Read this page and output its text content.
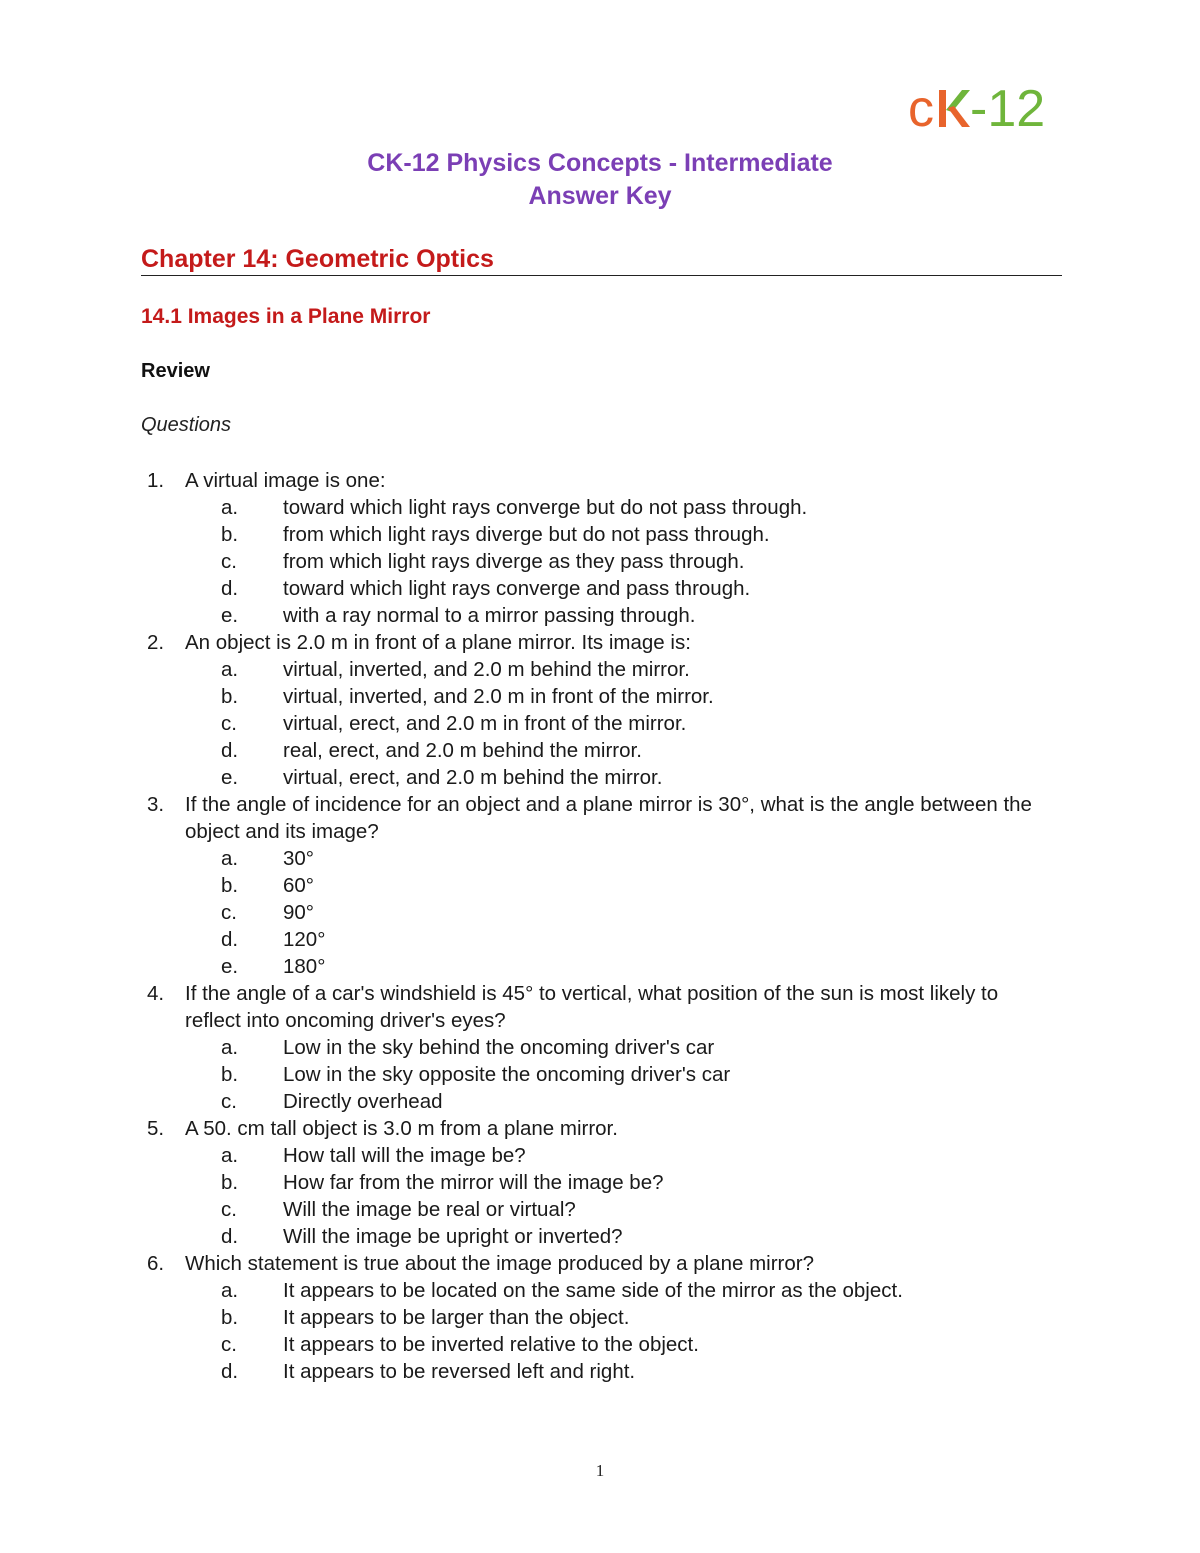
c -12
CK-12 Physics Concepts - Intermediate
Answer Key
Chapter 14: Geometric Optics
14.1 Images in a Plane Mirror
Review
Questions
1.	A virtual image is one:
a. toward which light rays converge but do not pass through.
b. from which light rays diverge but do not pass through.
c. from which light rays diverge as they pass through.
d. toward which light rays converge and pass through.
e. with a ray normal to a mirror passing through.
2.	An object is 2.0 m in front of a plane mirror. Its image is:
a. virtual, inverted, and 2.0 m behind the mirror.
b. virtual, inverted, and 2.0 m in front of the mirror.
c. virtual, erect, and 2.0 m in front of the mirror.
d. real, erect, and 2.0 m behind the mirror.
e. virtual, erect, and 2.0 m behind the mirror.
3.	If the angle of incidence for an object and a plane mirror is 30°, what is the angle between the object and its image?
a. 30°
b. 60°
c. 90°
d. 120°
e. 180°
4.	If the angle of a car's windshield is 45° to vertical, what position of the sun is most likely to reflect into oncoming driver's eyes?
a. Low in the sky behind the oncoming driver's car
b. Low in the sky opposite the oncoming driver's car
c. Directly overhead
5.	A 50. cm tall object is 3.0 m from a plane mirror.
a. How tall will the image be?
b. How far from the mirror will the image be?
c. Will the image be real or virtual?
d. Will the image be upright or inverted?
6.	Which statement is true about the image produced by a plane mirror?
a. It appears to be located on the same side of the mirror as the object.
b. It appears to be larger than the object.
c. It appears to be inverted relative to the object.
d. It appears to be reversed left and right.
1
